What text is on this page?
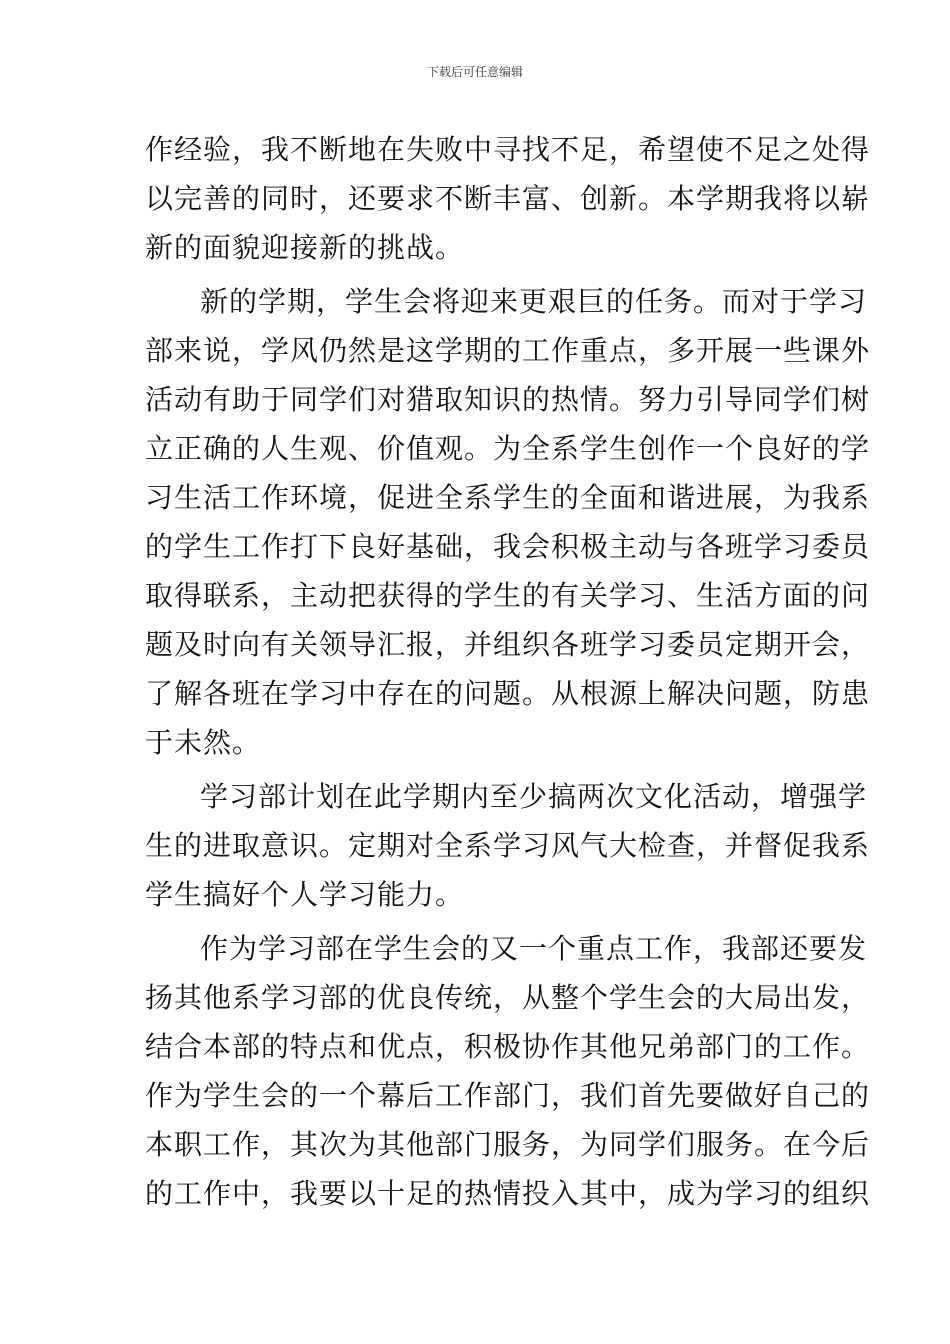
下载后可任意编辑
作经验，我不断地在失败中寻找不足，希望使不足之处得
以完善的同时，还要求不断丰富、创新。本学期我将以崭
新的面貌迎接新的挑战。
新的学期，学生会将迎来更艰巨的任务。而对于学习
部来说，学风仍然是这学期的工作重点，多开展一些课外
活动有助于同学们对猎取知识的热情。努力引导同学们树
立正确的人生观、价值观。为全系学生创作一个良好的学
习生活工作环境，促进全系学生的全面和谐进展，为我系
的学生工作打下良好基础，我会积极主动与各班学习委员
取得联系，主动把获得的学生的有关学习、生活方面的问
题及时向有关领导汇报，并组织各班学习委员定期开会，
了解各班在学习中存在的问题。从根源上解决问题，防患
于未然。
学习部计划在此学期内至少搞两次文化活动，增强学
生的进取意识。定期对全系学习风气大检查，并督促我系
学生搞好个人学习能力。
作为学习部在学生会的又一个重点工作，我部还要发
扬其他系学习部的优良传统，从整个学生会的大局出发，
结合本部的特点和优点，积极协作其他兄弟部门的工作。
作为学生会的一个幕后工作部门，我们首先要做好自己的
本职工作，其次为其他部门服务，为同学们服务。在今后
的工作中，我要以十足的热情投入其中，成为学习的组织
